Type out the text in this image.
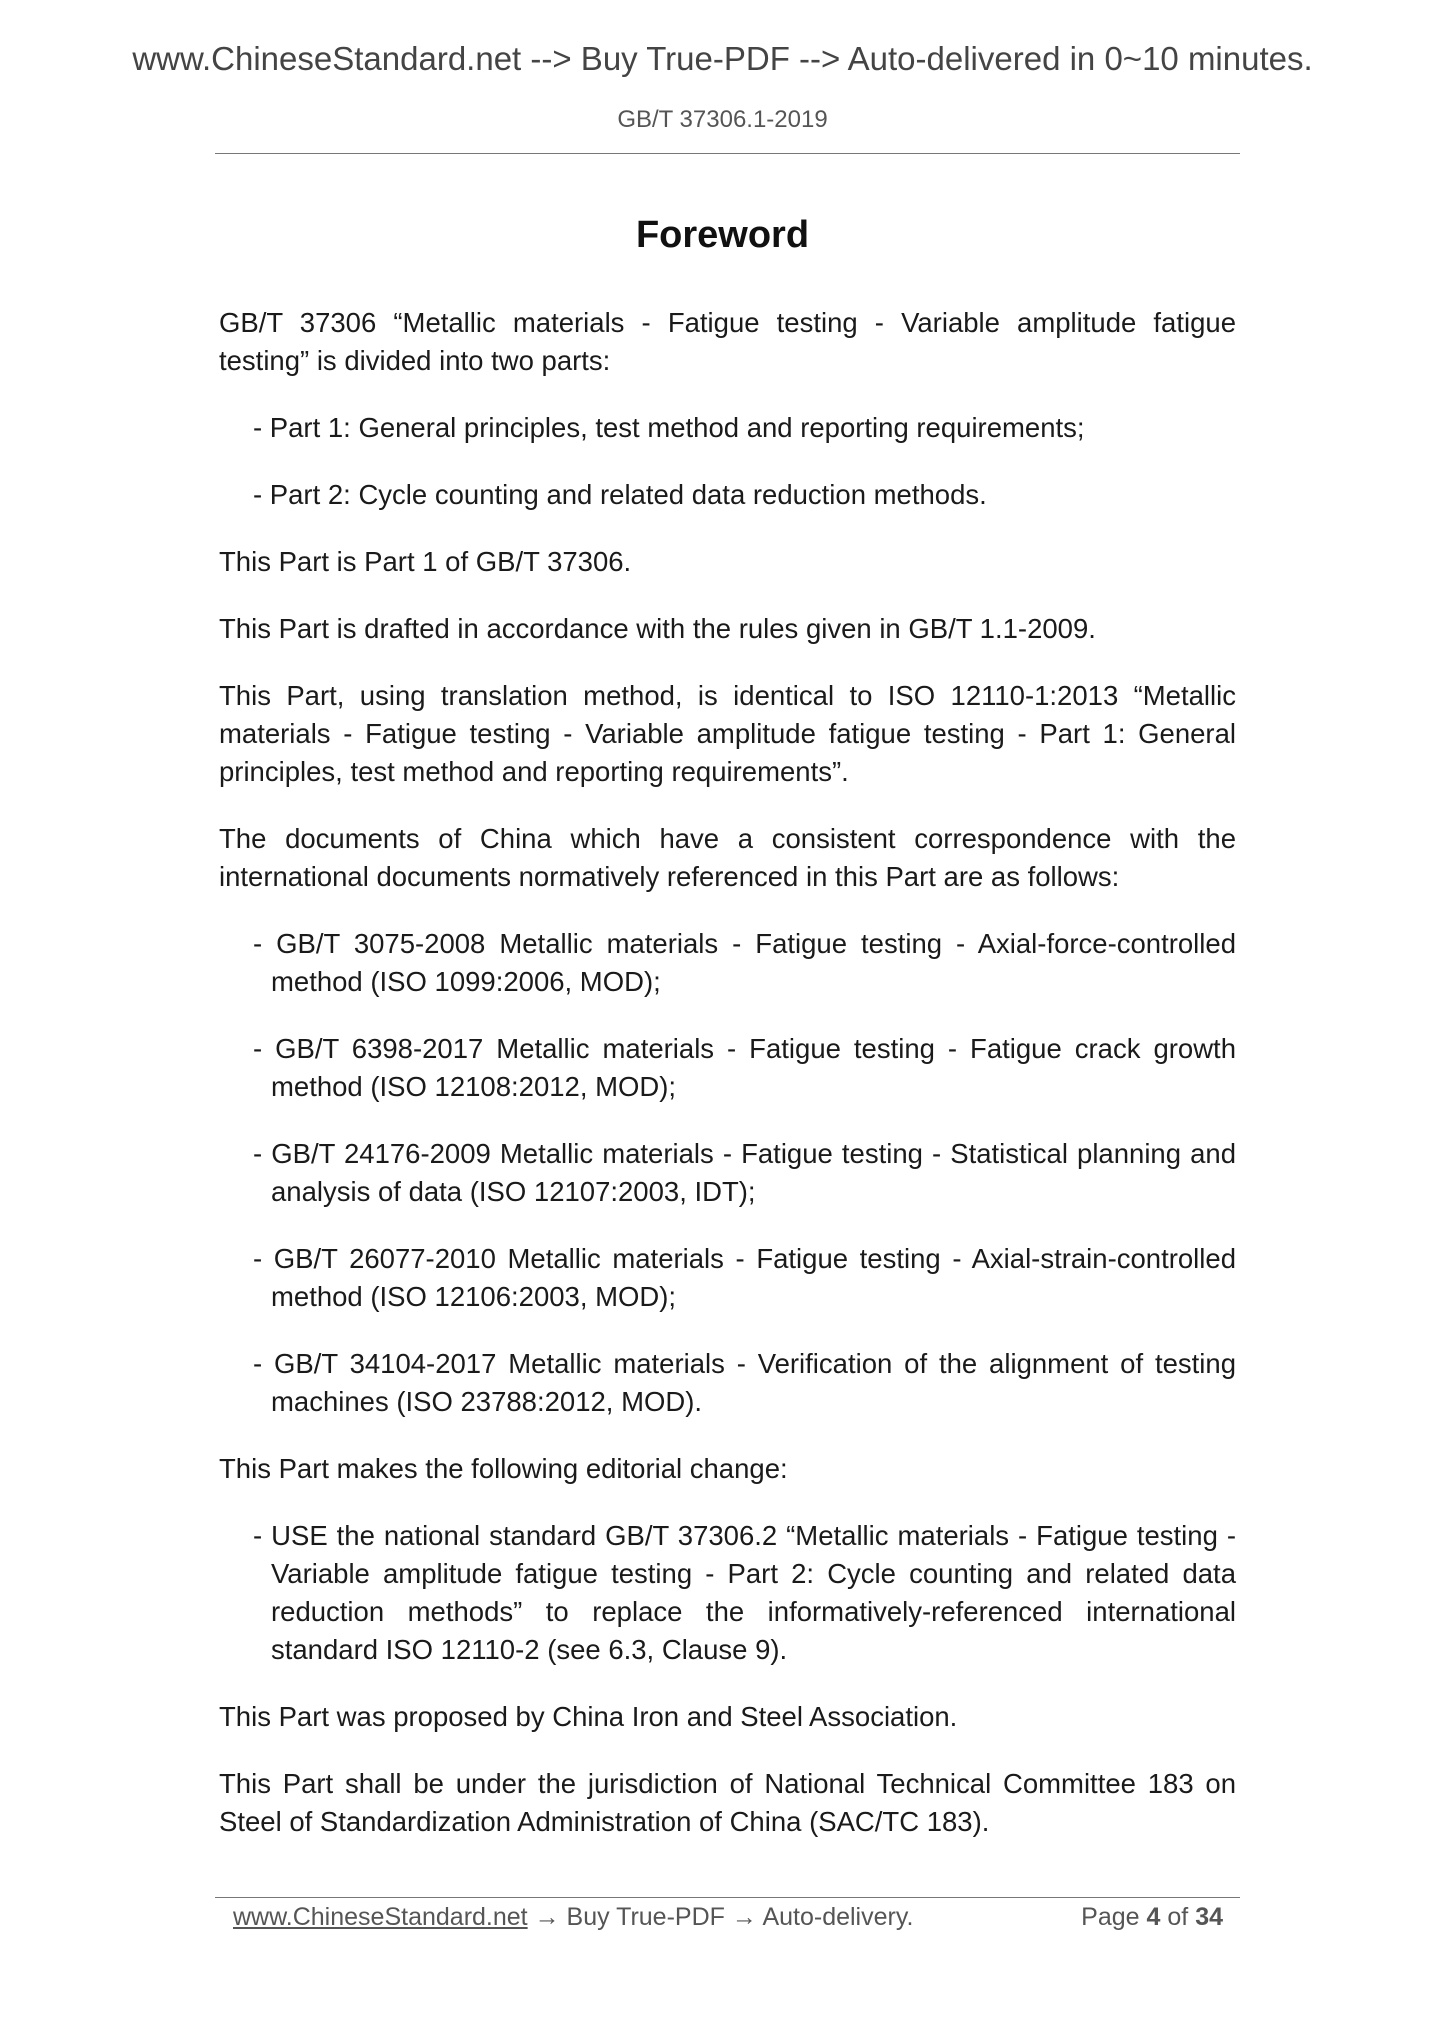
www.ChineseStandard.net --> Buy True-PDF --> Auto-delivered in 0~10 minutes.
GB/T 37306.1-2019
Foreword
GB/T 37306 “Metallic materials - Fatigue testing - Variable amplitude fatigue testing” is divided into two parts:
- Part 1: General principles, test method and reporting requirements;
- Part 2: Cycle counting and related data reduction methods.
This Part is Part 1 of GB/T 37306.
This Part is drafted in accordance with the rules given in GB/T 1.1-2009.
This Part, using translation method, is identical to ISO 12110-1:2013 “Metallic materials - Fatigue testing - Variable amplitude fatigue testing - Part 1: General principles, test method and reporting requirements”.
The documents of China which have a consistent correspondence with the international documents normatively referenced in this Part are as follows:
- GB/T 3075-2008 Metallic materials - Fatigue testing - Axial-force-controlled method (ISO 1099:2006, MOD);
- GB/T 6398-2017 Metallic materials - Fatigue testing - Fatigue crack growth method (ISO 12108:2012, MOD);
- GB/T 24176-2009 Metallic materials - Fatigue testing - Statistical planning and analysis of data (ISO 12107:2003, IDT);
- GB/T 26077-2010 Metallic materials - Fatigue testing - Axial-strain-controlled method (ISO 12106:2003, MOD);
- GB/T 34104-2017 Metallic materials - Verification of the alignment of testing machines (ISO 23788:2012, MOD).
This Part makes the following editorial change:
- USE the national standard GB/T 37306.2 “Metallic materials - Fatigue testing - Variable amplitude fatigue testing - Part 2: Cycle counting and related data reduction methods” to replace the informatively-referenced international standard ISO 12110-2 (see 6.3, Clause 9).
This Part was proposed by China Iron and Steel Association.
This Part shall be under the jurisdiction of National Technical Committee 183 on Steel of Standardization Administration of China (SAC/TC 183).
www.ChineseStandard.net → Buy True-PDF → Auto-delivery.	Page 4 of 34
